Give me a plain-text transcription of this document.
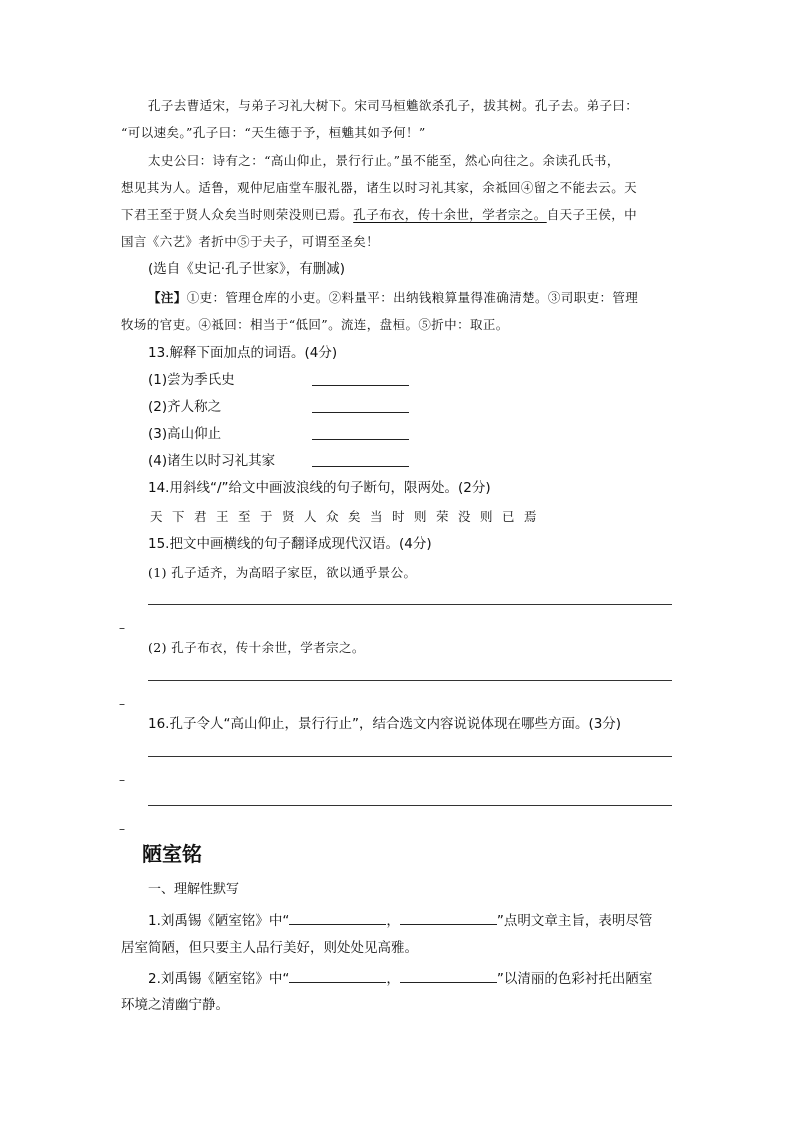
孔子去曹适宋，与弟子习礼大树下。宋司马桓魋欲杀孔子，拔其树。孔子去。弟子曰：
“可以速矣。”孔子曰：“天生德于予，桓魋其如予何！”
太史公曰：诗有之：“高山仰止，景行行止。”虽不能至，然心向往之。余读孔氏书，
想见其为人。适鲁，观仲尼庙堂车服礼器，诸生以时习礼其家，余祗回④留之不能去云。天
下君王至于贤人众矣当时则荣没则已焉。孔子布衣，传十余世，学者宗之。自天子王侯，中
国言《六艺》者折中⑤于夫子，可谓至圣矣！
(选自《史记·孔子世家》，有删减)
【注】①吏：管理仓库的小吏。②料量平：出纳钱粮算量得准确清楚。③司职吏：管理
牧场的官吏。④祗回：相当于“低回”。流连，盘桓。⑤折中：取正。
13.解释下面加点的词语。(4分)
(1)尝为季氏史
(2)齐人称之
(3)高山仰止
(4)诸生以时习礼其家
14.用斜线“/”给文中画波浪线的句子断句，限两处。(2分)
天下君王至于贤人众矣当时则荣没则已焉
15.把文中画横线的句子翻译成现代汉语。(4分)
(1) 孔子适齐，为高昭子家臣，欲以通乎景公。
–
(2) 孔子布衣，传十余世，学者宗之。
–
16.孔子令人“高山仰止，景行行止”，结合选文内容说说体现在哪些方面。(3分)
–
–
陋室铭
一、理解性默写
1.刘禹锡《陋室铭》中“	，	”点明文章主旨，表明尽管
居室简陋，但只要主人品行美好，则处处见高雅。
2.刘禹锡《陋室铭》中“	，	”以清丽的色彩衬托出陋室
环境之清幽宁静。
